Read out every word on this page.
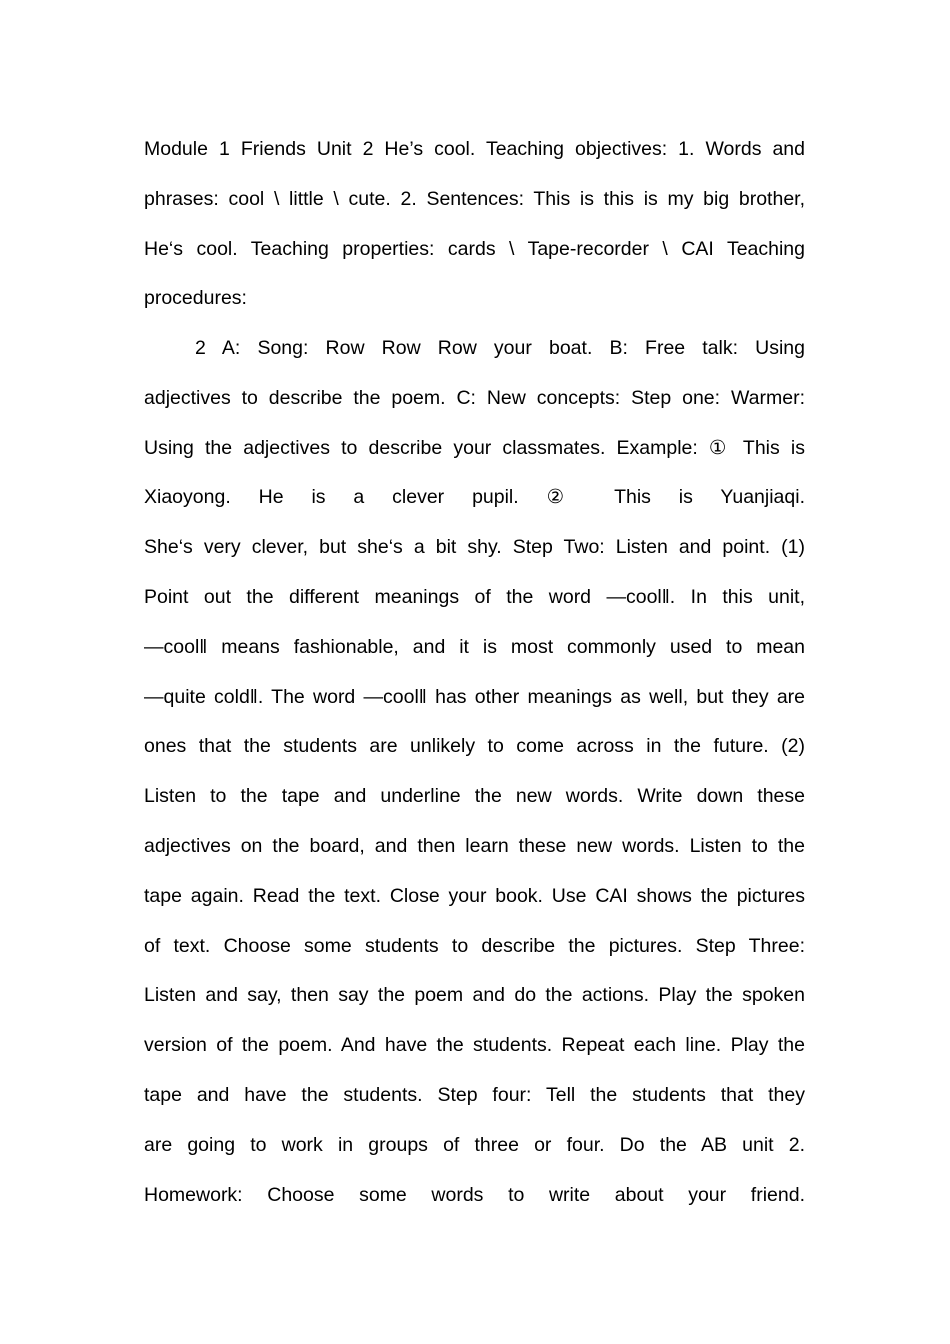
Module 1 Friends Unit 2 He’s cool. Teaching objectives: 1. Words and
phrases: cool \ little \ cute. 2. Sentences: This is this is my big brother,
He‘s cool. Teaching properties: cards \ Tape-recorder \ CAI Teaching
procedures:
2 A: Song: Row Row Row your boat. B: Free talk: Using
adjectives to describe the poem. C: New concepts: Step one: Warmer:
Using the adjectives to describe your classmates. Example: ① This is
Xiaoyong. He is a clever pupil. ② This is Yuanjiaqi.
She‘s very clever, but she‘s a bit shy. Step Two: Listen and point. (1)
Point out the different meanings of the word —cool‖. In this unit,
—cool‖ means fashionable, and it is most commonly used to mean
—quite cold‖. The word —cool‖ has other meanings as well, but they are
ones that the students are unlikely to come across in the future. (2)
Listen to the tape and underline the new words. Write down these
adjectives on the board, and then learn these new words. Listen to the
tape again. Read the text. Close your book. Use CAI shows the pictures
of text. Choose some students to describe the pictures. Step Three:
Listen and say, then say the poem and do the actions. Play the spoken
version of the poem. And have the students. Repeat each line. Play the
tape and have the students. Step four: Tell the students that they
are going to work in groups of three or four. Do the AB unit 2.
Homework: Choose some words to write about your friend.
